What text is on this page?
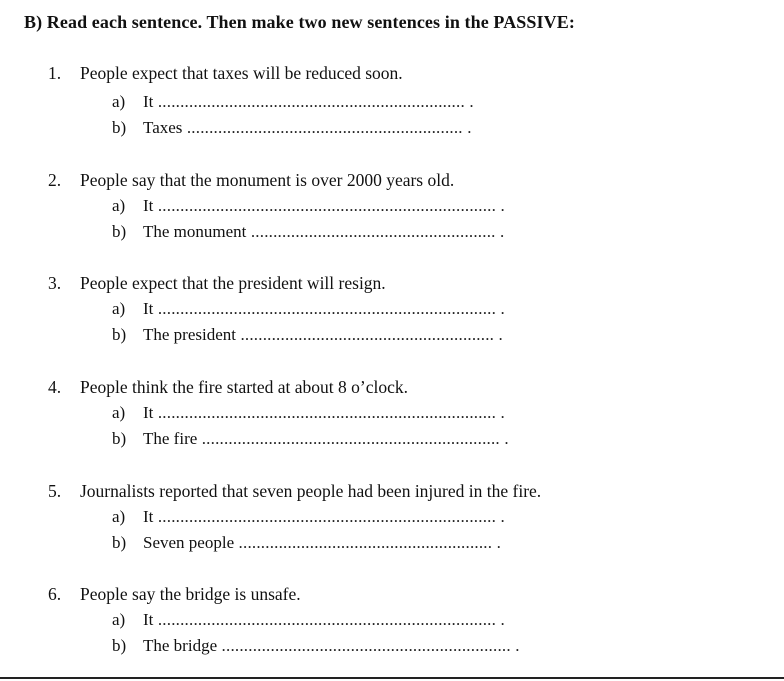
B) Read each sentence. Then make two new sentences in the PASSIVE:
1. People expect that taxes will be reduced soon.
a) It ..................................................................... .
b) Taxes .............................................................. .
2. People say that the monument is over 2000 years old.
a) It ............................................................................ .
b) The monument ....................................................... .
3. People expect that the president will resign.
a) It ............................................................................ .
b) The president ......................................................... .
4. People think the fire started at about 8 o’clock.
a) It ............................................................................ .
b) The fire ................................................................... .
5. Journalists reported that seven people had been injured in the fire.
a) It ............................................................................ .
b) Seven people ......................................................... .
6. People say the bridge is unsafe.
a) It ............................................................................ .
b) The bridge ................................................................. .
